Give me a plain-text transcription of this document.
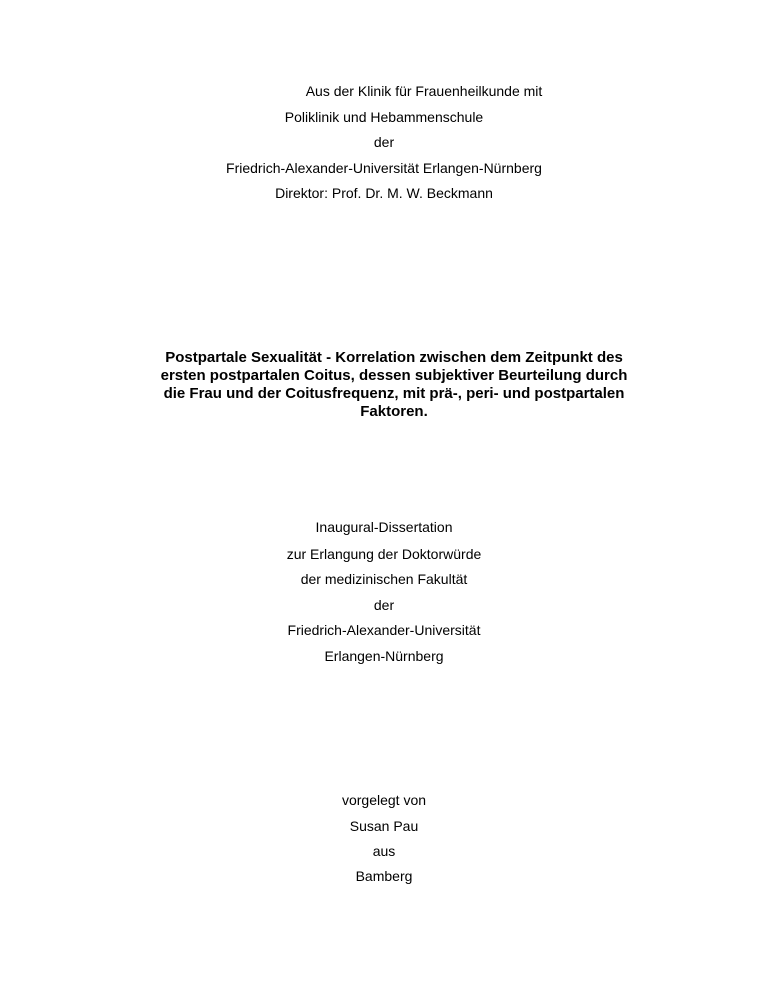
Aus der Klinik für Frauenheilkunde mit
Poliklinik und Hebammenschule
der
Friedrich-Alexander-Universität Erlangen-Nürnberg
Direktor: Prof. Dr. M. W. Beckmann
Postpartale Sexualität - Korrelation zwischen dem Zeitpunkt des
ersten postpartalen Coitus, dessen subjektiver Beurteilung durch
die Frau und der Coitusfrequenz, mit prä-, peri- und postpartalen
Faktoren.
Inaugural-Dissertation
zur Erlangung der Doktorwürde
der medizinischen Fakultät
der
Friedrich-Alexander-Universität
Erlangen-Nürnberg
vorgelegt von
Susan Pau
aus
Bamberg
